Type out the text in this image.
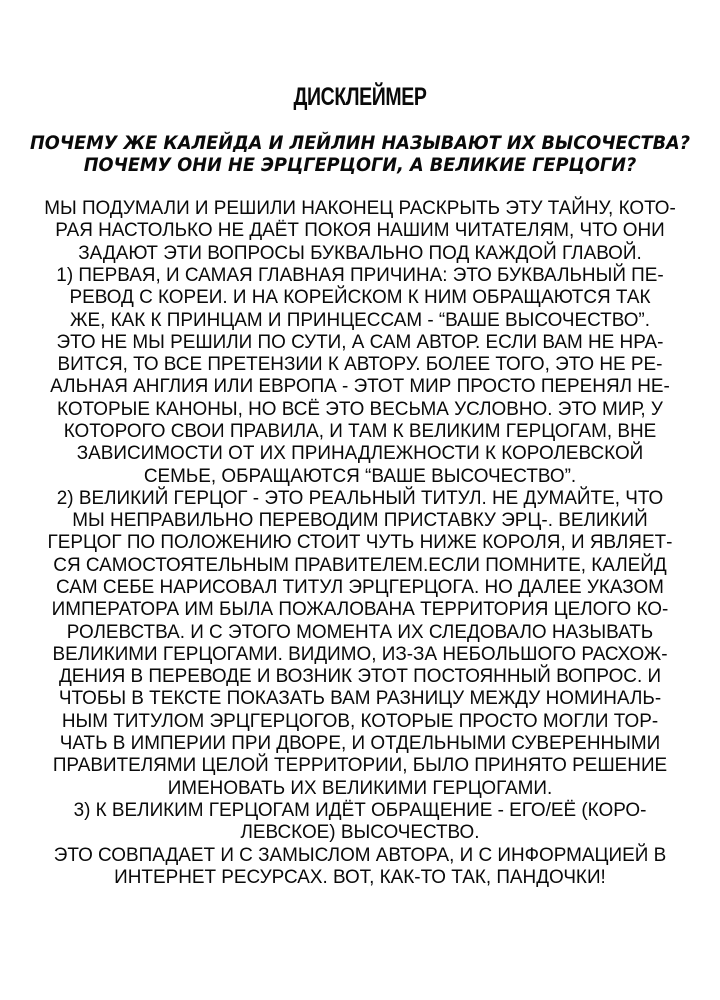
ДИСКЛЕЙМЕР
ПОЧЕМУ ЖЕ КАЛЕЙДА И ЛЕЙЛИН НАЗЫВАЮТ ИХ ВЫСОЧЕСТВА?
ПОЧЕМУ ОНИ НЕ ЭРЦГЕРЦОГИ, А ВЕЛИКИЕ ГЕРЦОГИ?
МЫ ПОДУМАЛИ И РЕШИЛИ НАКОНЕЦ РАСКРЫТЬ ЭТУ ТАЙНУ, КОТО-
РАЯ НАСТОЛЬКО НЕ ДАЁТ ПОКОЯ НАШИМ ЧИТАТЕЛЯМ, ЧТО ОНИ
ЗАДАЮТ ЭТИ ВОПРОСЫ БУКВАЛЬНО ПОД КАЖДОЙ ГЛАВОЙ.
1) ПЕРВАЯ, И САМАЯ ГЛАВНАЯ ПРИЧИНА: ЭТО БУКВАЛЬНЫЙ ПЕ-
РЕВОД С КОРЕИ. И НА КОРЕЙСКОМ К НИМ ОБРАЩАЮТСЯ ТАК
ЖЕ, КАК К ПРИНЦАМ И ПРИНЦЕССАМ - “ВАШЕ ВЫСОЧЕСТВО”.
ЭТО НЕ МЫ РЕШИЛИ ПО СУТИ, А САМ АВТОР. ЕСЛИ ВАМ НЕ НРА-
ВИТСЯ, ТО ВСЕ ПРЕТЕНЗИИ К АВТОРУ. БОЛЕЕ ТОГО, ЭТО НЕ РЕ-
АЛЬНАЯ АНГЛИЯ ИЛИ ЕВРОПА - ЭТОТ МИР ПРОСТО ПЕРЕНЯЛ НЕ-
КОТОРЫЕ КАНОНЫ, НО ВСЁ ЭТО ВЕСЬМА УСЛОВНО. ЭТО МИР, У
КОТОРОГО СВОИ ПРАВИЛА, И ТАМ К ВЕЛИКИМ ГЕРЦОГАМ, ВНЕ
ЗАВИСИМОСТИ ОТ ИХ ПРИНАДЛЕЖНОСТИ К КОРОЛЕВСКОЙ
СЕМЬЕ, ОБРАЩАЮТСЯ “ВАШЕ ВЫСОЧЕСТВО”.
2) ВЕЛИКИЙ ГЕРЦОГ - ЭТО РЕАЛЬНЫЙ ТИТУЛ. НЕ ДУМАЙТЕ, ЧТО
МЫ НЕПРАВИЛЬНО ПЕРЕВОДИМ ПРИСТАВКУ ЭРЦ-. ВЕЛИКИЙ
ГЕРЦОГ ПО ПОЛОЖЕНИЮ СТОИТ ЧУТЬ НИЖЕ КОРОЛЯ, И ЯВЛЯЕТ-
СЯ САМОСТОЯТЕЛЬНЫМ ПРАВИТЕЛЕМ.ЕСЛИ ПОМНИТЕ, КАЛЕЙД
САМ СЕБЕ НАРИСОВАЛ ТИТУЛ ЭРЦГЕРЦОГА. НО ДАЛЕЕ УКАЗОМ
ИМПЕРАТОРА ИМ БЫЛА ПОЖАЛОВАНА ТЕРРИТОРИЯ ЦЕЛОГО КО-
РОЛЕВСТВА. И С ЭТОГО МОМЕНТА ИХ СЛЕДОВАЛО НАЗЫВАТЬ
ВЕЛИКИМИ ГЕРЦОГАМИ. ВИДИМО, ИЗ-ЗА НЕБОЛЬШОГО РАСХОЖ-
ДЕНИЯ В ПЕРЕВОДЕ И ВОЗНИК ЭТОТ ПОСТОЯННЫЙ ВОПРОС. И
ЧТОБЫ В ТЕКСТЕ ПОКАЗАТЬ ВАМ РАЗНИЦУ МЕЖДУ НОМИНАЛЬ-
НЫМ ТИТУЛОМ ЭРЦГЕРЦОГОВ, КОТОРЫЕ ПРОСТО МОГЛИ ТОР-
ЧАТЬ В ИМПЕРИИ ПРИ ДВОРЕ, И ОТДЕЛЬНЫМИ СУВЕРЕННЫМИ
ПРАВИТЕЛЯМИ ЦЕЛОЙ ТЕРРИТОРИИ, БЫЛО ПРИНЯТО РЕШЕНИЕ
ИМЕНОВАТЬ ИХ ВЕЛИКИМИ ГЕРЦОГАМИ.
3) К ВЕЛИКИМ ГЕРЦОГАМ ИДЁТ ОБРАЩЕНИЕ - ЕГО/ЕЁ (КОРО-
ЛЕВСКОЕ) ВЫСОЧЕСТВО.
ЭТО СОВПАДАЕТ И С ЗАМЫСЛОМ АВТОРА, И С ИНФОРМАЦИЕЙ В
ИНТЕРНЕТ РЕСУРСАХ. ВОТ, КАК-ТО ТАК, ПАНДОЧКИ!
